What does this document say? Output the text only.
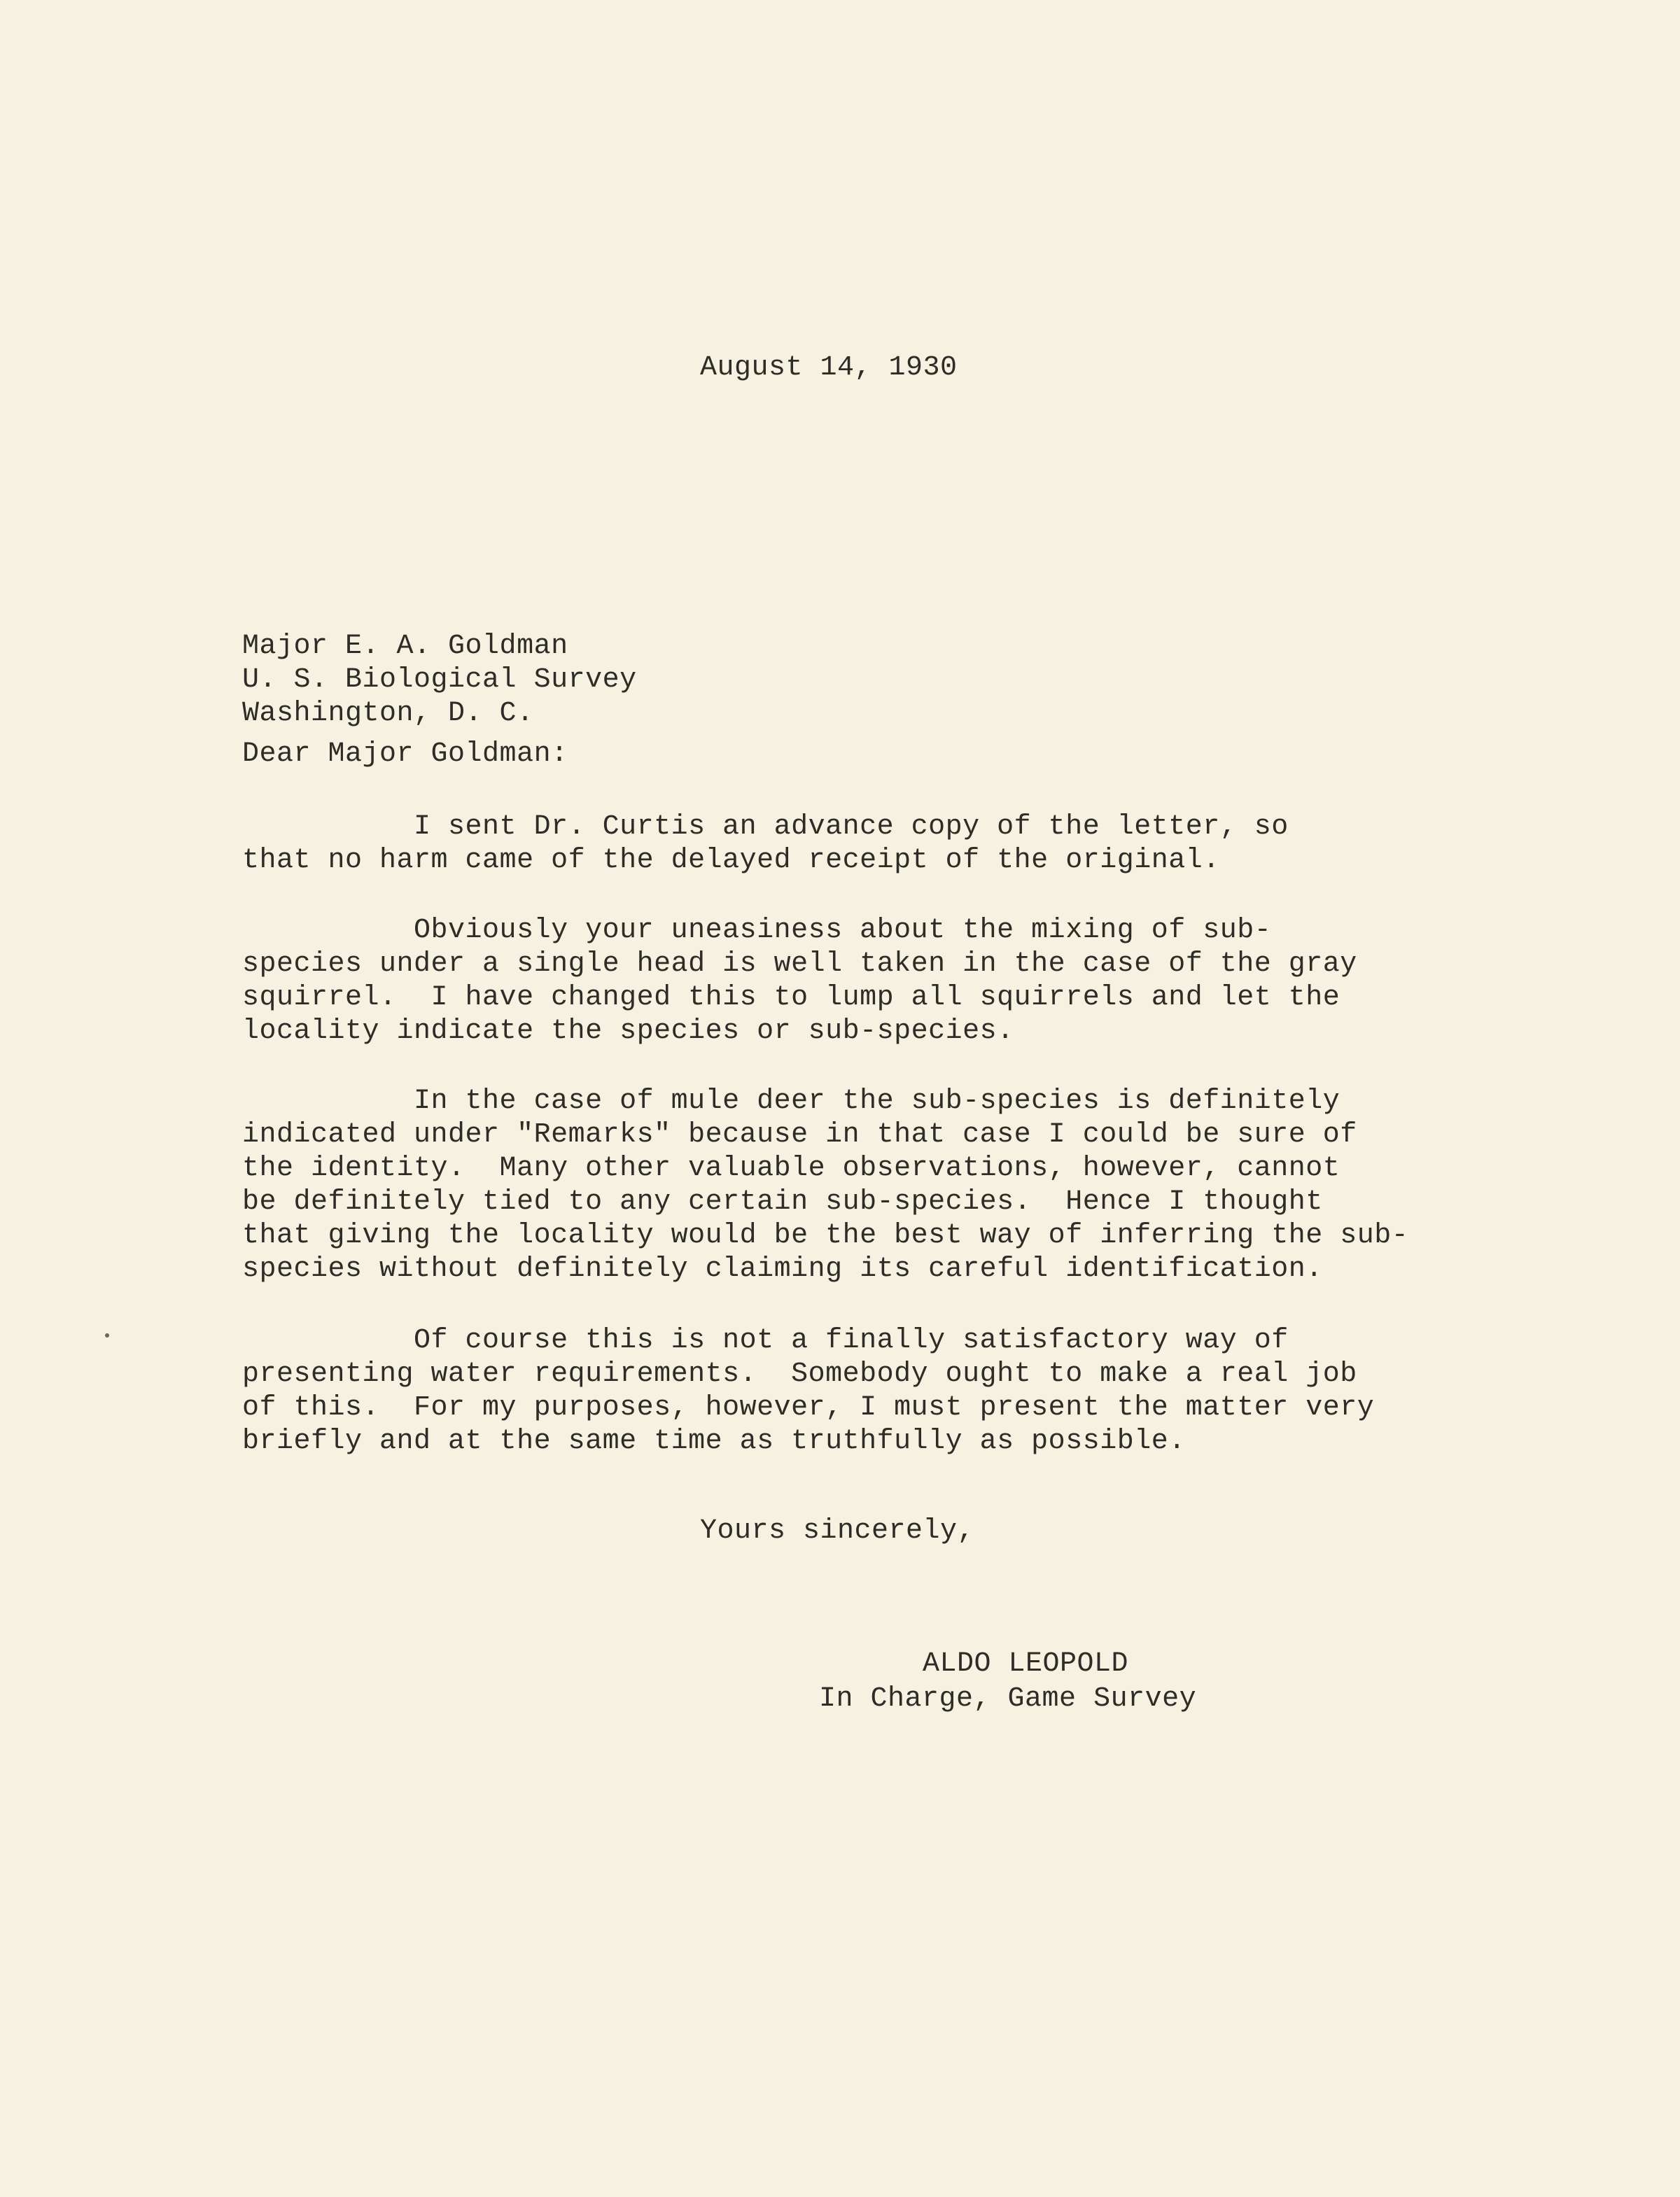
August 14, 1930
Major E. A. Goldman
U. S. Biological Survey
Washington, D. C.
Dear Major Goldman:
I sent Dr. Curtis an advance copy of the letter, so
that no harm came of the delayed receipt of the original.
Obviously your uneasiness about the mixing of sub-
species under a single head is well taken in the case of the gray
squirrel.  I have changed this to lump all squirrels and let the
locality indicate the species or sub-species.
In the case of mule deer the sub-species is definitely
indicated under "Remarks" because in that case I could be sure of
the identity.  Many other valuable observations, however, cannot
be definitely tied to any certain sub-species.  Hence I thought
that giving the locality would be the best way of inferring the sub-
species without definitely claiming its careful identification.
Of course this is not a finally satisfactory way of
presenting water requirements.  Somebody ought to make a real job
of this.  For my purposes, however, I must present the matter very
briefly and at the same time as truthfully as possible.
Yours sincerely,
ALDO LEOPOLD
In Charge, Game Survey
